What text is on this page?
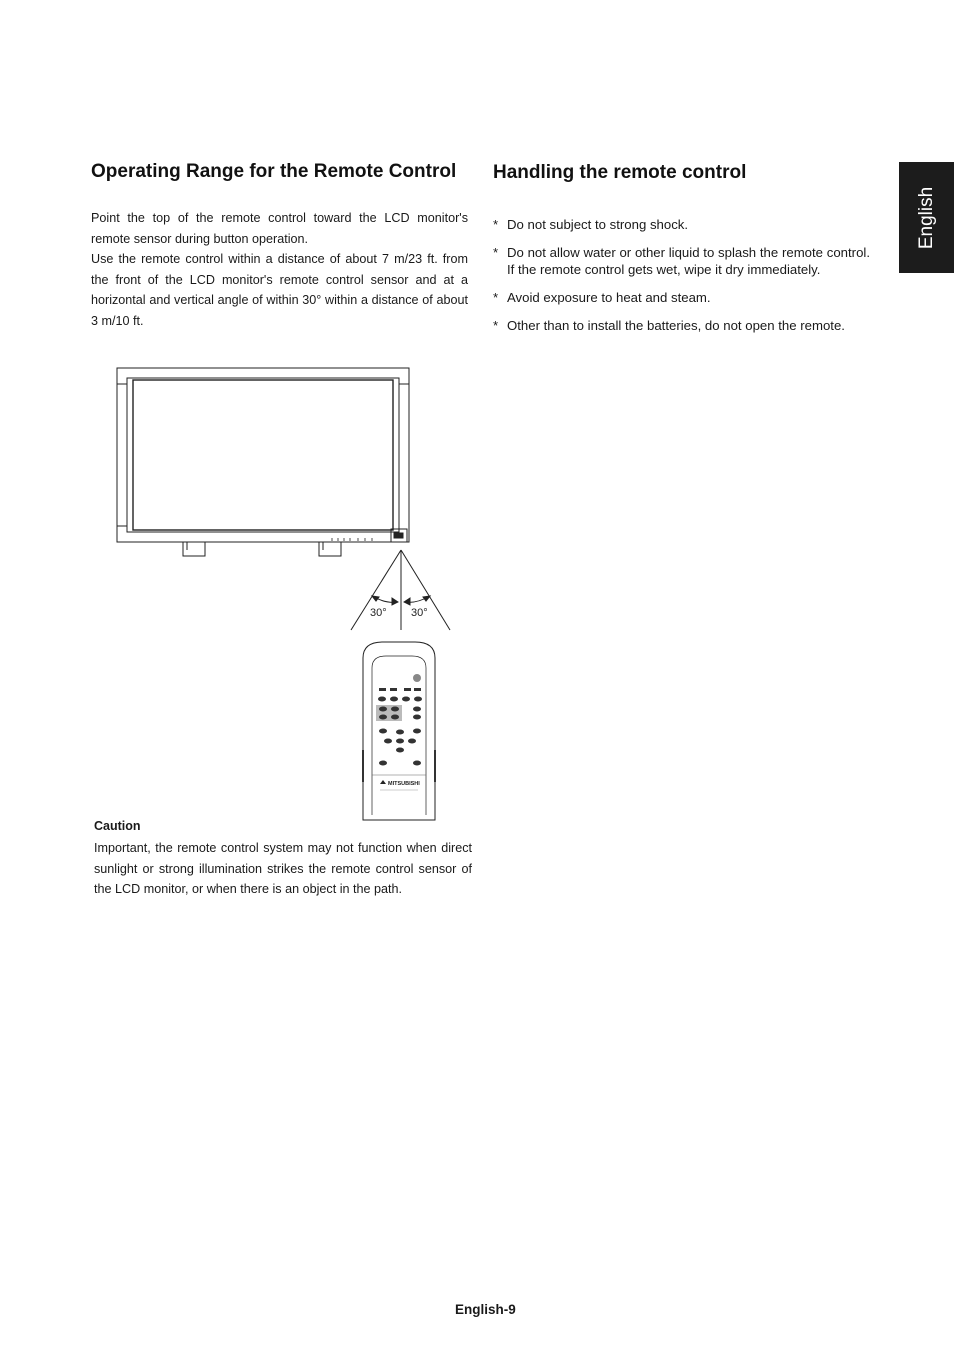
English
Operating Range for the Remote Control
Point the top of the remote control toward the LCD monitor's remote sensor during button operation.
Use the remote control within a distance of about 7 m/23 ft. from the front of the LCD monitor's remote control sensor and at a horizontal and vertical angle of within 30° within a distance of about 3 m/10 ft.
MITSUBISHI
30° 30°
Caution
Important, the remote control system may not function when direct sunlight or strong illumination strikes the remote control sensor of the LCD monitor, or when there is an object in the path.
Handling the remote control
* Do not subject to strong shock.
* Do not allow water or other liquid to splash the remote control. If the remote control gets wet, wipe it dry immediately.
* Avoid exposure to heat and steam.
* Other than to install the batteries, do not open the remote.
English-9
